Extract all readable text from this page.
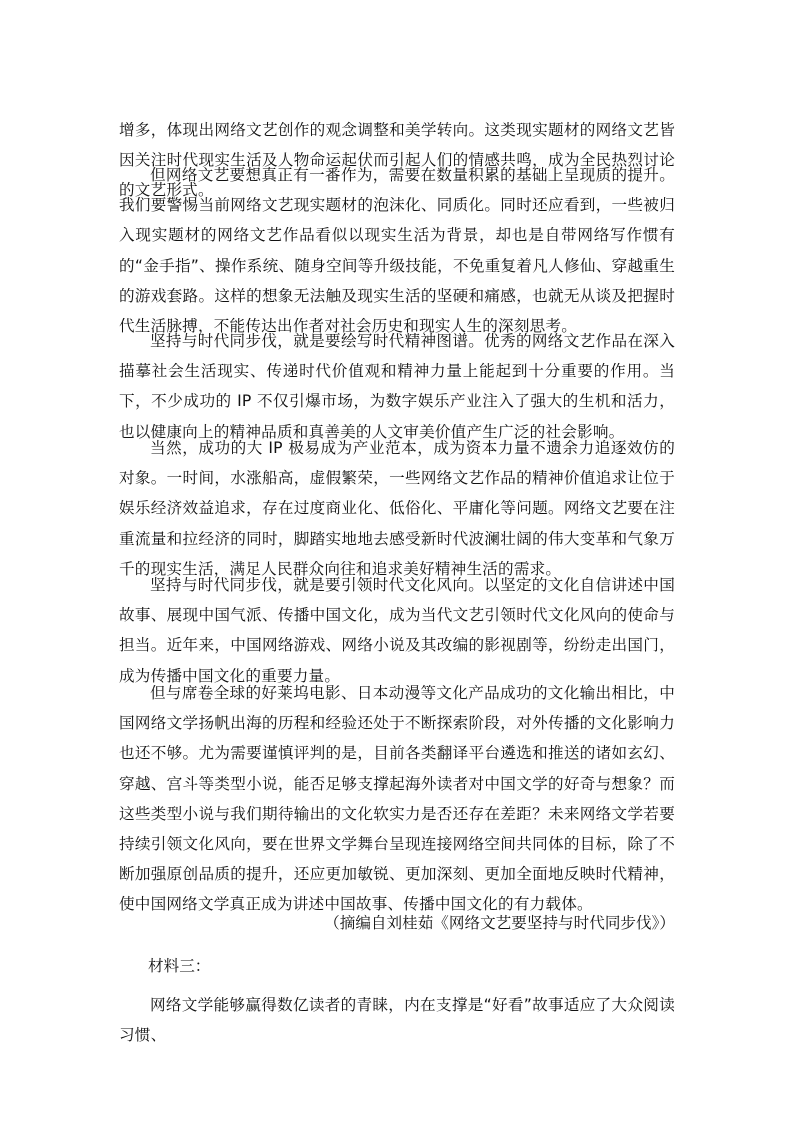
增多，体现出网络文艺创作的观念调整和美学转向。这类现实题材的网络文艺皆因关注时代现实生活及人物命运起伏而引起人们的情感共鸣，成为全民热烈讨论的文艺形式。

但网络文艺要想真正有一番作为，需要在数量积累的基础上呈现质的提升。我们要警惕当前网络文艺现实题材的泡沫化、同质化。同时还应看到，一些被归入现实题材的网络文艺作品看似以现实生活为背景，却也是自带网络写作惯有的“金手指”、操作系统、随身空间等升级技能，不免重复着凡人修仙、穿越重生的游戏套路。这样的想象无法触及现实生活的坚硬和痛感，也就无从谈及把握时代生活脉搏，不能传达出作者对社会历史和现实人生的深刻思考。

坚持与时代同步伐，就是要绘写时代精神图谱。优秀的网络文艺作品在深入描摹社会生活现实、传递时代价值观和精神力量上能起到十分重要的作用。当下，不少成功的 IP 不仅引爆市场，为数字娱乐产业注入了强大的生机和活力，也以健康向上的精神品质和真善美的人文审美价值产生广泛的社会影响。

当然，成功的大 IP 极易成为产业范本，成为资本力量不遗余力追逐效仿的对象。一时间，水涨船高，虚假繁荣，一些网络文艺作品的精神价值追求让位于娱乐经济效益追求，存在过度商业化、低俗化、平庸化等问题。网络文艺要在注重流量和拉经济的同时，脚踏实地地去感受新时代波澜壮阔的伟大变革和气象万千的现实生活，满足人民群众向往和追求美好精神生活的需求。

坚持与时代同步伐，就是要引领时代文化风向。以坚定的文化自信讲述中国故事、展现中国气派、传播中国文化，成为当代文艺引领时代文化风向的使命与担当。近年来，中国网络游戏、网络小说及其改编的影视剧等，纷纷走出国门，成为传播中国文化的重要力量。

但与席卷全球的好莱坞电影、日本动漫等文化产品成功的文化输出相比，中国网络文学扬帆出海的历程和经验还处于不断探索阶段，对外传播的文化影响力也还不够。尤为需要谨慎评判的是，目前各类翻译平台遴选和推送的诸如玄幻、穿越、宫斗等类型小说，能否足够支撑起海外读者对中国文学的好奇与想象？而这些类型小说与我们期待输出的文化软实力是否还存在差距？未来网络文学若要持续引领文化风向，要在世界文学舞台呈现连接网络空间共同体的目标，除了不断加强原创品质的提升，还应更加敏锐、更加深刻、更加全面地反映时代精神，使中国网络文学真正成为讲述中国故事、传播中国文化的有力载体。

（摘编自刘桂茹《网络文艺要坚持与时代同步伐》）

材料三：

网络文学能够赢得数亿读者的青睐，内在支撑是“好看”故事适应了大众阅读习惯、
